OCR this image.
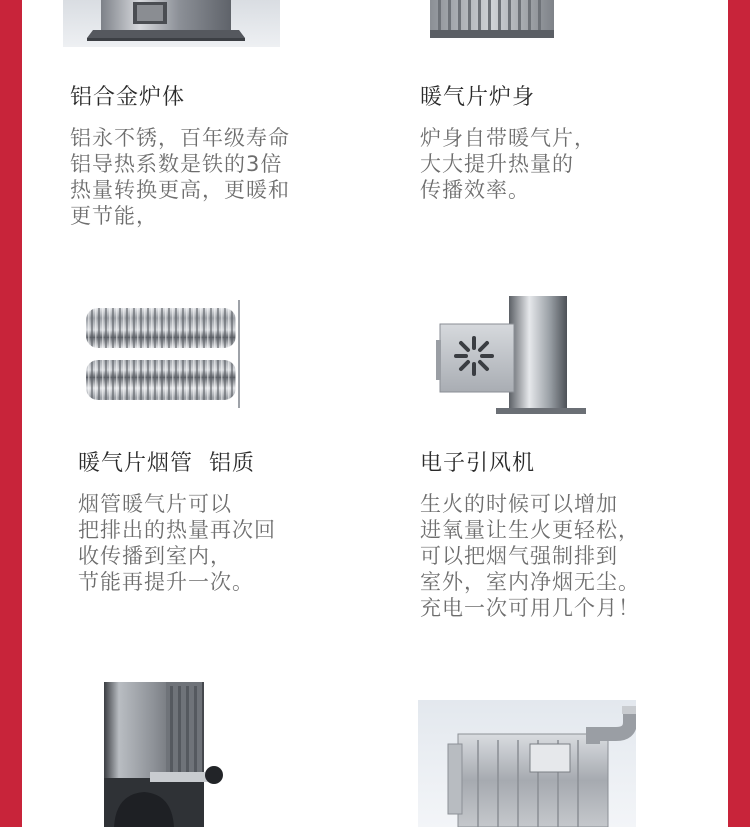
铝合金炉体
铝永不锈，百年级寿命
铝导热系数是铁的3倍
热量转换更高，更暖和
更节能，
暖气片炉身
炉身自带暖气片，
大大提升热量的
传播效率。
暖气片烟管  铝质
烟管暖气片可以
把排出的热量再次回
收传播到室内，
节能再提升一次。
电子引风机
生火的时候可以增加
进氧量让生火更轻松，
可以把烟气强制排到
室外，室内净烟无尘。
充电一次可用几个月！
